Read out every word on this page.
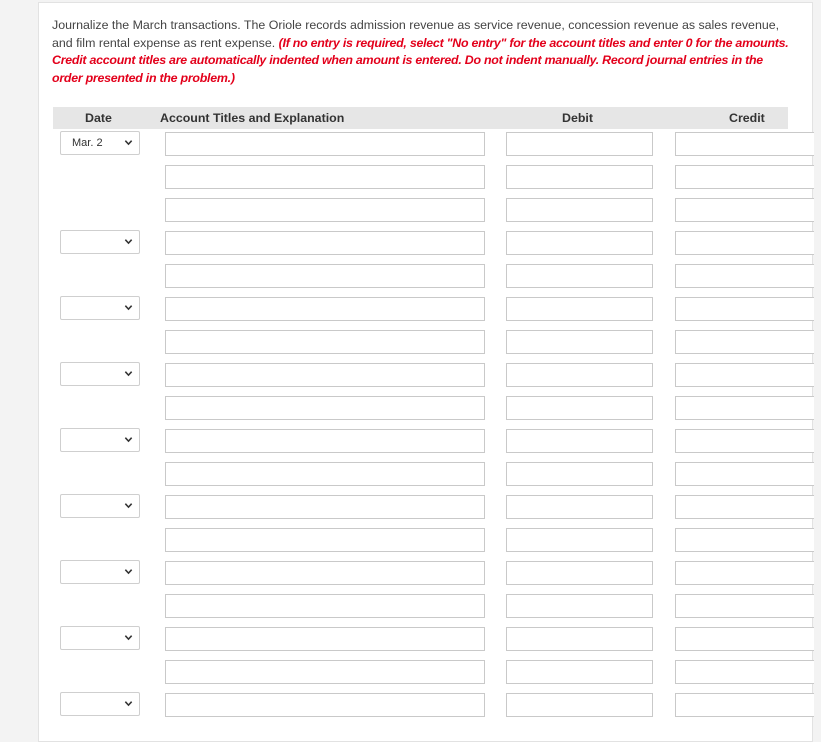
Journalize the March transactions. The Oriole records admission revenue as service revenue, concession revenue as sales revenue, and film rental expense as rent expense. (If no entry is required, select "No entry" for the account titles and enter 0 for the amounts. Credit account titles are automatically indented when amount is entered. Do not indent manually. Record journal entries in the order presented in the problem.)
Date	Account Titles and Explanation	Debit	Credit
Mar. 2
